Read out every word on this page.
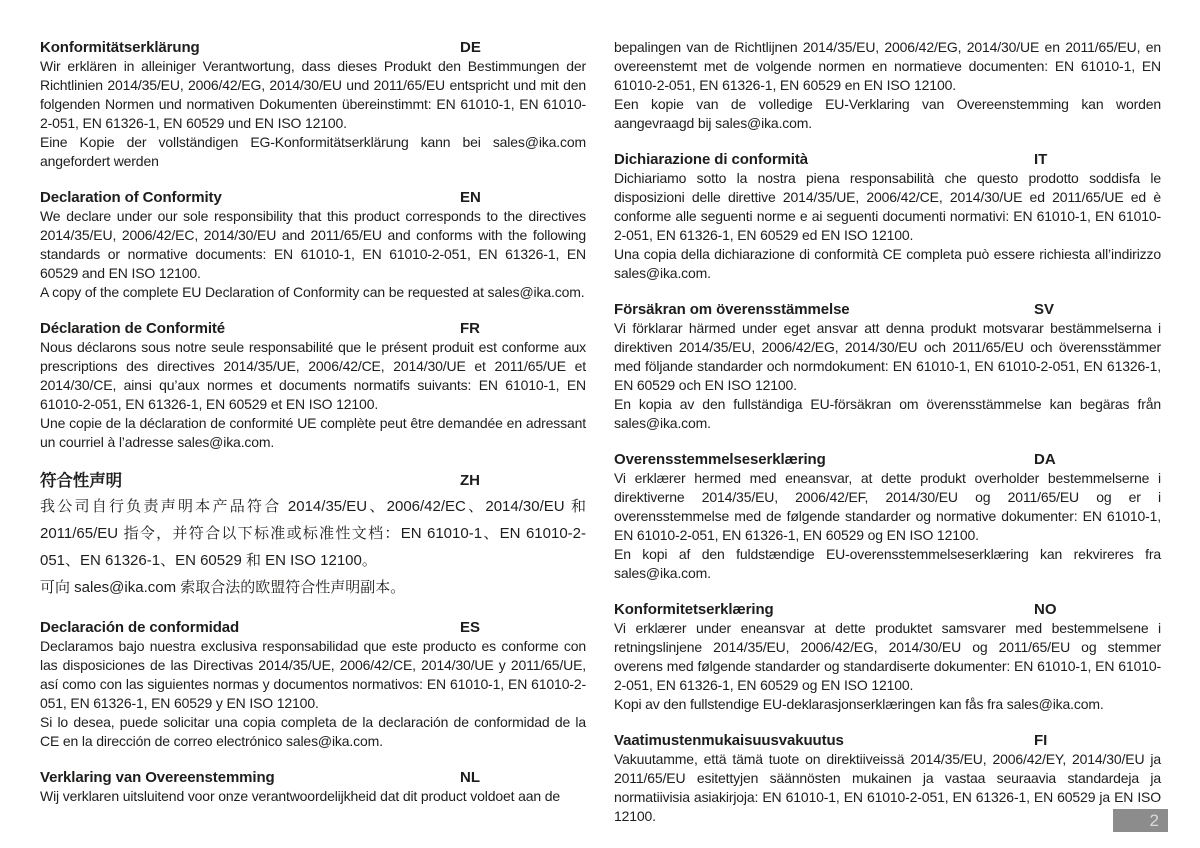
Konformitätserklärung	DE

Wir erklären in alleiniger Verantwortung, dass dieses Produkt den Bestimmungen der Richtlinien 2014/35/EU, 2006/42/EG, 2014/30/EU und 2011/65/EU entspricht und mit den folgenden Normen und normativen Dokumenten übereinstimmt: EN 61010-1, EN 61010-2-051, EN 61326-1, EN 60529 und EN ISO 12100.

Eine Kopie der vollständigen EG-Konformitätserklärung kann bei sales@ika.com angefordert werden

Declaration of Conformity	EN

We declare under our sole responsibility that this product corresponds to the directives 2014/35/EU, 2006/42/EC, 2014/30/EU and 2011/65/EU and conforms with the following standards or normative documents: EN 61010-1, EN 61010-2-051, EN 61326-1, EN 60529 and EN ISO 12100.

A copy of the complete EU Declaration of Conformity can be requested at sales@ika.com.

Déclaration de Conformité	FR

Nous déclarons sous notre seule responsabilité que le présent produit est conforme aux prescriptions des directives 2014/35/UE, 2006/42/CE, 2014/30/UE et 2011/65/UE et 2014/30/CE, ainsi qu’aux normes et documents normatifs suivants: EN 61010-1, EN 61010-2-051, EN 61326-1, EN 60529 et EN ISO 12100.

Une copie de la déclaration de conformité UE complète peut être demandée en adressant un courriel à l’adresse sales@ika.com.

符合性声明	ZH

我公司自行负责声明本产品符合 2014/35/EU、2006/42/EC、2014/30/EU 和 2011/65/EU 指令，并符合以下标准或标准性文档：EN 61010-1、EN 61010-2-051、EN 61326-1、EN 60529 和 EN ISO 12100。

可向 sales@ika.com 索取合法的欧盟符合性声明副本。

Declaración de conformidad	ES

Declaramos bajo nuestra exclusiva responsabilidad que este producto es conforme con las disposiciones de las Directivas 2014/35/UE, 2006/42/CE, 2014/30/UE y 2011/65/UE, así como con las siguientes normas y documentos normativos: EN 61010-1, EN 61010-2-051, EN 61326-1, EN 60529 y EN ISO 12100.

Si lo desea, puede solicitar una copia completa de la declaración de conformidad de la CE en la dirección de correo electrónico sales@ika.com.

Verklaring van Overeenstemming	NL

Wij verklaren uitsluitend voor onze verantwoordelijkheid dat dit product voldoet aan de

bepalingen van de Richtlijnen 2014/35/EU, 2006/42/EG, 2014/30/UE en 2011/65/EU, en overeenstemt met de volgende normen en normatieve documenten: EN 61010-1, EN 61010-2-051, EN 61326-1, EN 60529 en EN ISO 12100.

Een kopie van de volledige EU-Verklaring van Overeenstemming kan worden aangevraagd bij sales@ika.com.

Dichiarazione di conformità	IT

Dichiariamo sotto la nostra piena responsabilità che questo prodotto soddisfa le disposizioni delle direttive 2014/35/UE, 2006/42/CE, 2014/30/UE ed 2011/65/UE ed è conforme alle seguenti norme e ai seguenti documenti normativi: EN 61010-1, EN 61010-2-051, EN 61326-1, EN 60529 ed EN ISO 12100.

Una copia della dichiarazione di conformità CE completa può essere richiesta all’indirizzo sales@ika.com.

Försäkran om överensstämmelse	SV

Vi förklarar härmed under eget ansvar att denna produkt motsvarar bestämmelserna i direktiven 2014/35/EU, 2006/42/EG, 2014/30/EU och 2011/65/EU och överensstämmer med följande standarder och normdokument: EN 61010-1, EN 61010-2-051, EN 61326-1, EN 60529 och EN ISO 12100.

En kopia av den fullständiga EU-försäkran om överensstämmelse kan begäras från sales@ika.com.

Overensstemmelseserklæring	DA

Vi erklærer hermed med eneansvar, at dette produkt overholder bestemmelserne i direktiverne 2014/35/EU, 2006/42/EF, 2014/30/EU og 2011/65/EU og er i overensstemmelse med de følgende standarder og normative dokumenter: EN 61010-1, EN 61010-2-051, EN 61326-1, EN 60529 og EN ISO 12100.

En kopi af den fuldstændige EU-overensstemmelseserklæring kan rekvireres fra sales@ika.com.

Konformitetserklæring	NO

Vi erklærer under eneansvar at dette produktet samsvarer med bestemmelsene i retningslinjene 2014/35/EU, 2006/42/EG, 2014/30/EU og 2011/65/EU og stemmer overens med følgende standarder og standardiserte dokumenter: EN 61010-1, EN 61010-2-051, EN 61326-1, EN 60529 og EN ISO 12100.

Kopi av den fullstendige EU-deklarasjonserklæringen kan fås fra sales@ika.com.

Vaatimustenmukaisuusvakuutus	FI

Vakuutamme, että tämä tuote on direktiiveissä 2014/35/EU, 2006/42/EY, 2014/30/EU ja 2011/65/EU esitettyjen säännösten mukainen ja vastaa seuraavia standardeja ja normatiivisia asiakirjoja: EN 61010-1, EN 61010-2-051, EN 61326-1, EN 60529 ja EN ISO 12100.	2
